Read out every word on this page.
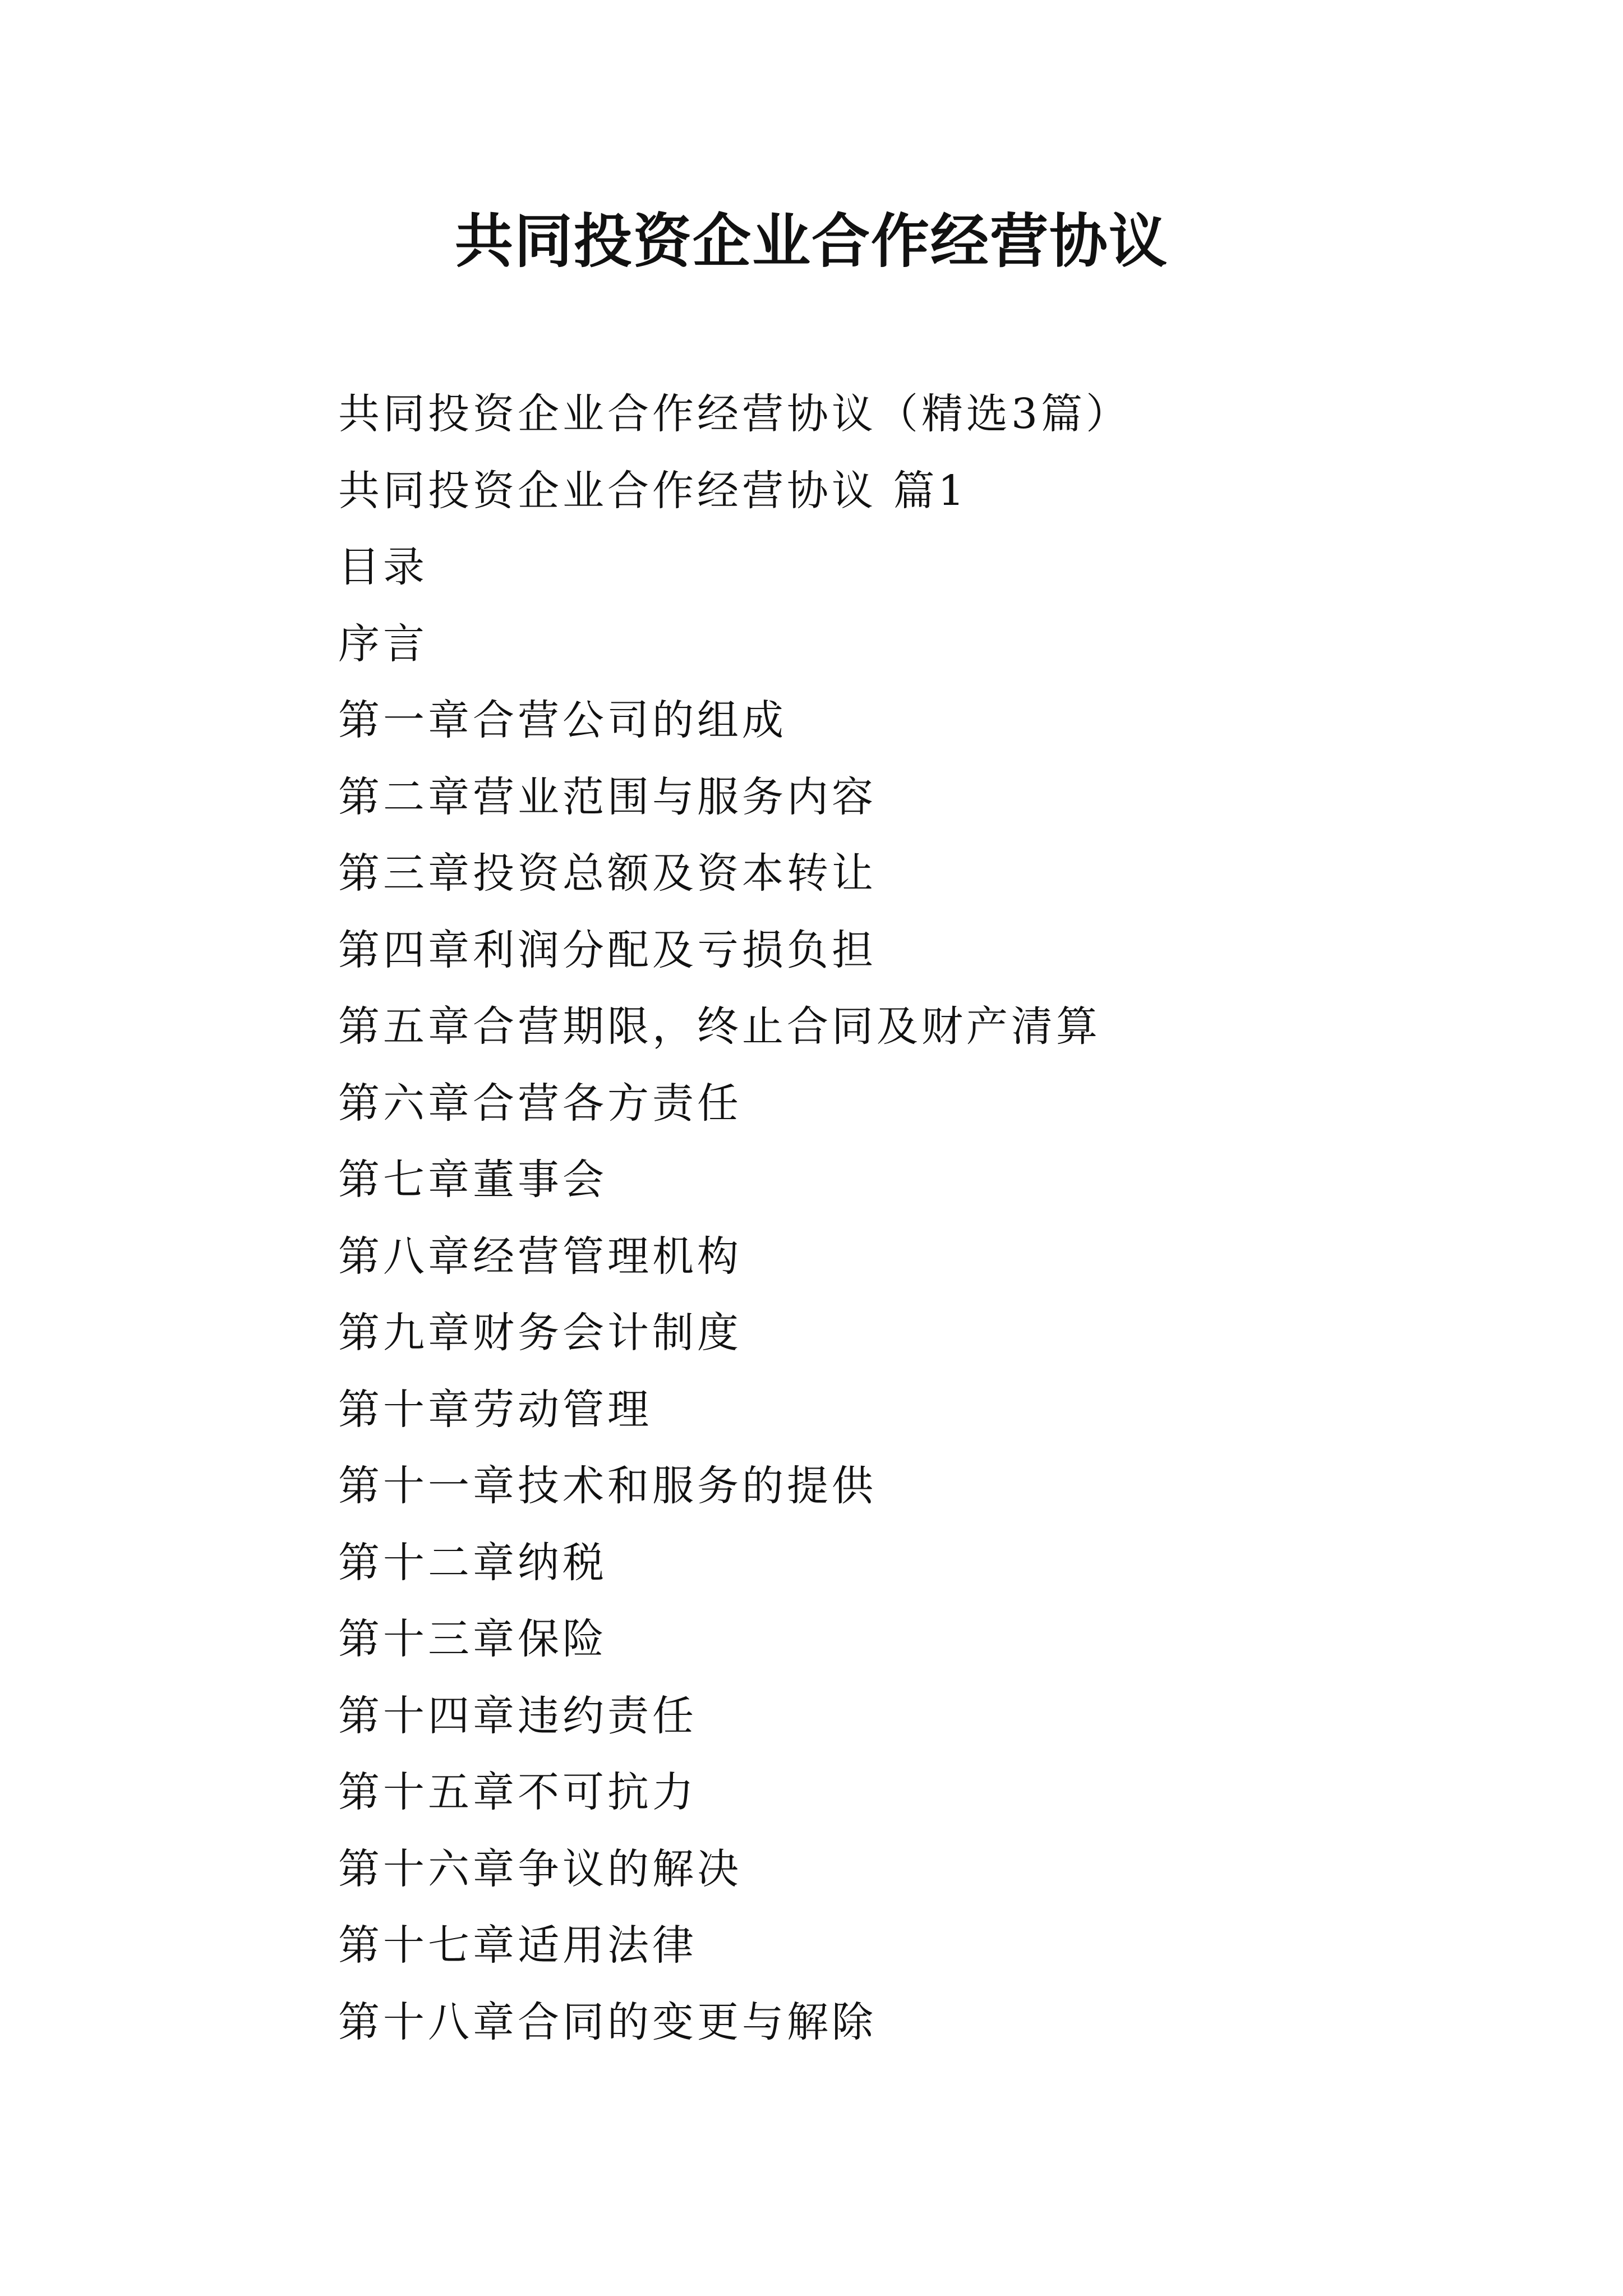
共同投资企业合作经营协议
共同投资企业合作经营协议（精选3篇）
共同投资企业合作经营协议 篇1
目录
序言
第一章合营公司的组成
第二章营业范围与服务内容
第三章投资总额及资本转让
第四章利润分配及亏损负担
第五章合营期限，终止合同及财产清算
第六章合营各方责任
第七章董事会
第八章经营管理机构
第九章财务会计制度
第十章劳动管理
第十一章技术和服务的提供
第十二章纳税
第十三章保险
第十四章违约责任
第十五章不可抗力
第十六章争议的解决
第十七章适用法律
第十八章合同的变更与解除
